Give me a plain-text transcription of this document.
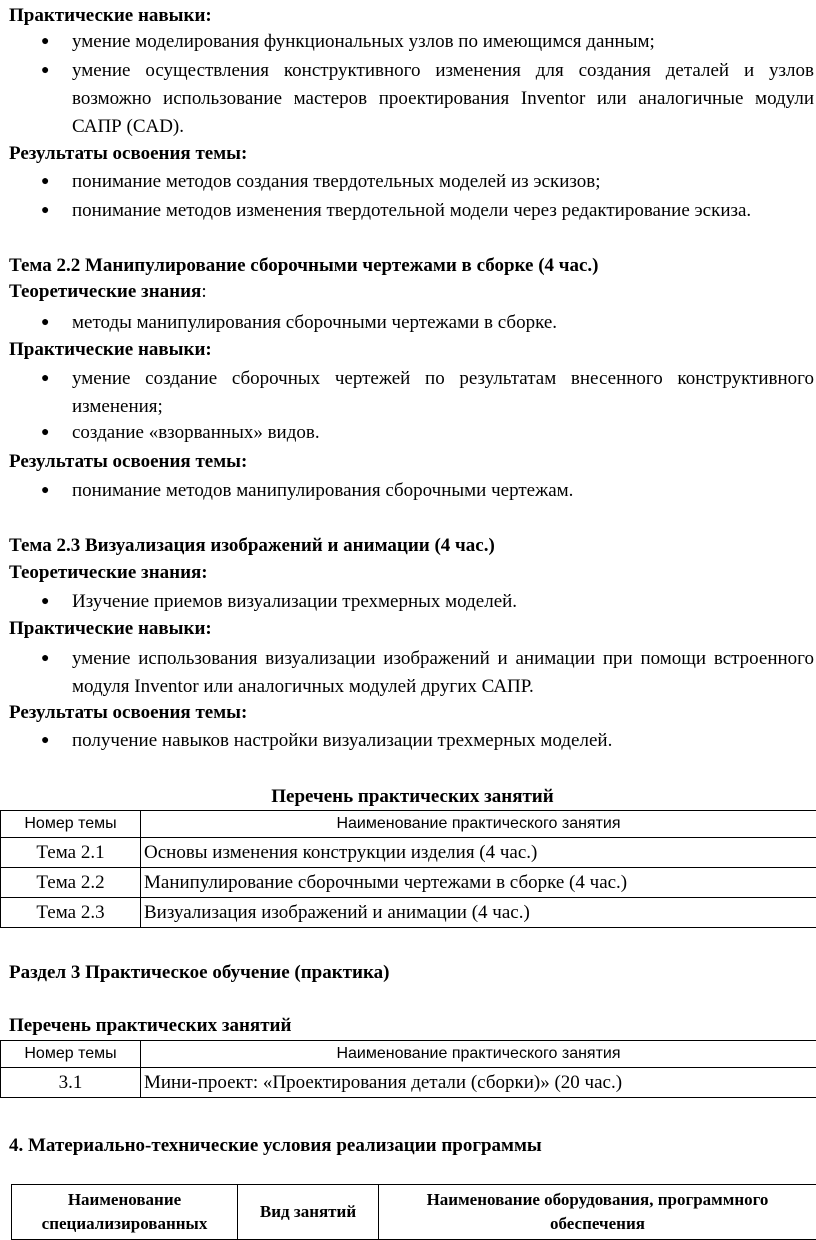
Практические навыки:
● умение моделирования функциональных узлов по имеющимся данным;
● умение осуществления конструктивного изменения для создания деталей и узлов возможно использование мастеров проектирования Inventor или аналогичные модули САПР (CAD).
Результаты освоения темы:
● понимание методов создания твердотельных моделей из эскизов;
● понимание методов изменения твердотельной модели через редактирование эскиза.
Тема 2.2 Манипулирование сборочными чертежами в сборке (4 час.)
Теоретические знания:
● методы манипулирования сборочными чертежами в сборке.
Практические навыки:
● умение создание сборочных чертежей по результатам внесенного конструктивного изменения;
● создание «взорванных» видов.
Результаты освоения темы:
● понимание методов манипулирования сборочными чертежам.
Тема 2.3 Визуализация изображений и анимации (4 час.)
Теоретические знания:
● Изучение приемов визуализации трехмерных моделей.
Практические навыки:
● умение использования визуализации изображений и анимации при помощи встроенного модуля Inventor или аналогичных модулей других САПР.
Результаты освоения темы:
● получение навыков настройки визуализации трехмерных моделей.
Перечень практических занятий
Номер темы	Наименование практического занятия
Тема 2.1	Основы изменения конструкции изделия (4 час.)
Тема 2.2	Манипулирование сборочными чертежами в сборке (4 час.)
Тема 2.3	Визуализация изображений и анимации (4 час.)
Раздел 3 Практическое обучение (практика)
Перечень практических занятий
Номер темы	Наименование практического занятия
3.1	Мини-проект: «Проектирования детали (сборки)» (20 час.)
4. Материально-технические условия реализации программы
Наименование специализированных	Вид занятий	Наименование оборудования, программного обеспечения
